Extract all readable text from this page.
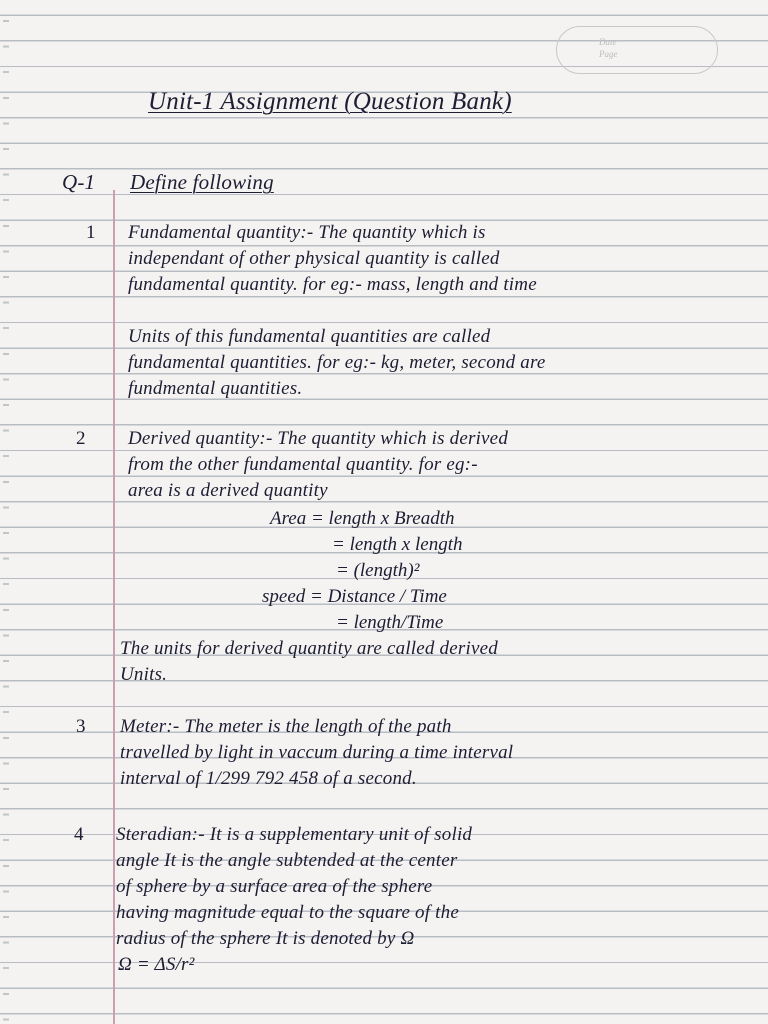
Date
Page
Unit-1 Assignment (Question Bank)
Q-1 Define following
1 Fundamental quantity:- The quantity which is
independant of other physical quantity is called
fundamental quantity. for eg:- mass, length and time
Units of this fundamental quantities are called
fundamental quantities. for eg:- kg, meter, second are
fundmental quantities.
2 Derived quantity:- The quantity which is derived
from the other fundamental quantity. for eg:-
area is a derived quantity
Area = length x Breadth
= length x length
= (length)²
speed = Distance / Time
= length/Time
The units for derived quantity are called derived
Units.
3 Meter:- The meter is the length of the path
travelled by light in vaccum during a time interval
interval of 1/299 792 458 of a second.
4 Steradian:- It is a supplementary unit of solid
angle It is the angle subtended at the center
of sphere by a surface area of the sphere
having magnitude equal to the square of the
radius of the sphere It is denoted by Ω
Ω = ΔS/r²
